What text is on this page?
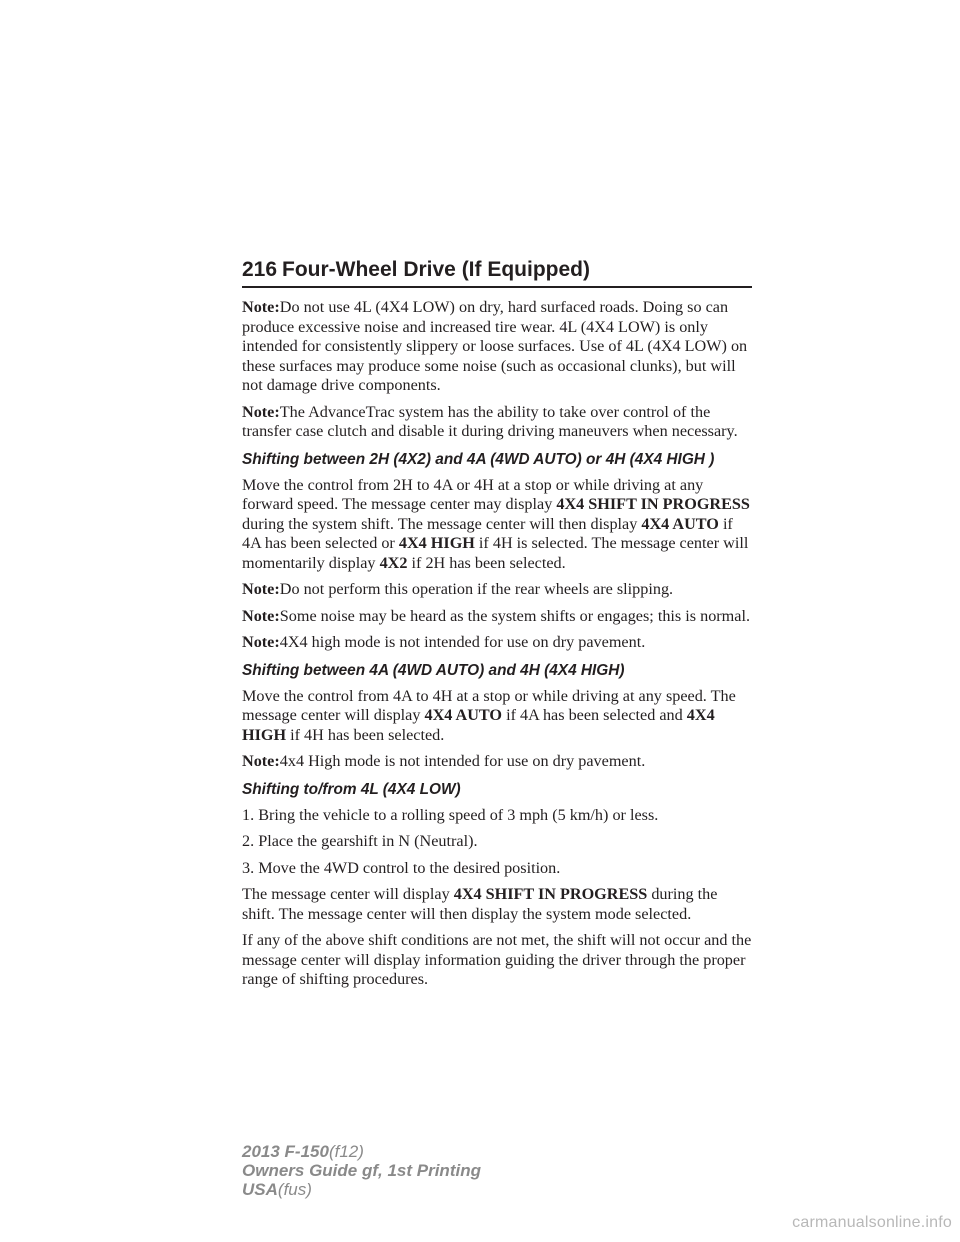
216 Four-Wheel Drive (If Equipped)

Note:Do not use 4L (4X4 LOW) on dry, hard surfaced roads. Doing so can produce excessive noise and increased tire wear. 4L (4X4 LOW) is only intended for consistently slippery or loose surfaces. Use of 4L (4X4 LOW) on these surfaces may produce some noise (such as occasional clunks), but will not damage drive components.

Note:The AdvanceTrac system has the ability to take over control of the transfer case clutch and disable it during driving maneuvers when necessary.

Shifting between 2H (4X2) and 4A (4WD AUTO) or 4H (4X4 HIGH )

Move the control from 2H to 4A or 4H at a stop or while driving at any forward speed. The message center may display 4X4 SHIFT IN PROGRESS during the system shift. The message center will then display 4X4 AUTO if 4A has been selected or 4X4 HIGH if 4H is selected. The message center will momentarily display 4X2 if 2H has been selected.

Note:Do not perform this operation if the rear wheels are slipping.

Note:Some noise may be heard as the system shifts or engages; this is normal.

Note:4X4 high mode is not intended for use on dry pavement.

Shifting between 4A (4WD AUTO) and 4H (4X4 HIGH)

Move the control from 4A to 4H at a stop or while driving at any speed. The message center will display 4X4 AUTO if 4A has been selected and 4X4 HIGH if 4H has been selected.

Note:4x4 High mode is not intended for use on dry pavement.

Shifting to/from 4L (4X4 LOW)

1. Bring the vehicle to a rolling speed of 3 mph (5 km/h) or less.

2. Place the gearshift in N (Neutral).

3. Move the 4WD control to the desired position.

The message center will display 4X4 SHIFT IN PROGRESS during the shift. The message center will then display the system mode selected.

If any of the above shift conditions are not met, the shift will not occur and the message center will display information guiding the driver through the proper range of shifting procedures.

2013 F-150(f12)
Owners Guide gf, 1st Printing
USA(fus)
carmanualsonline.info
